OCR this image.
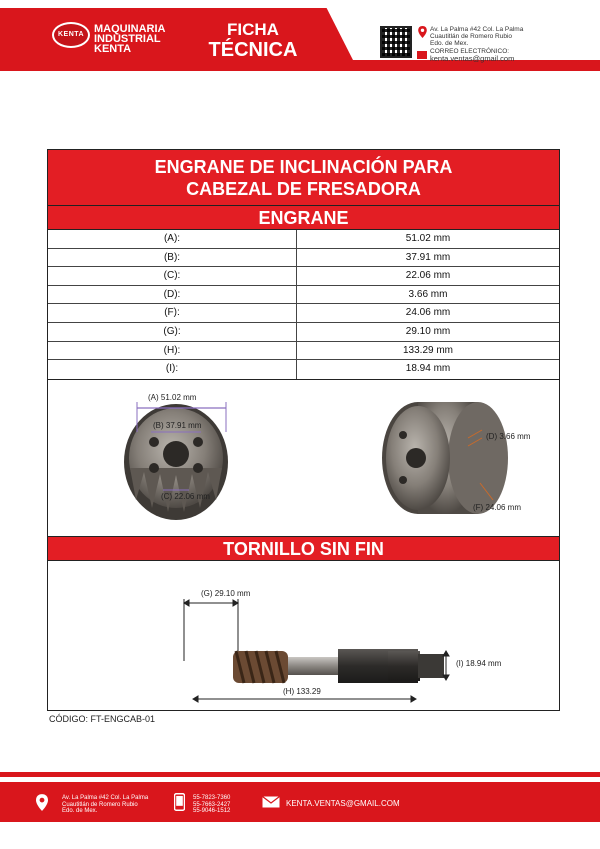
KENTA MAQUINARIA
INDUSTRIAL
KENTA
FICHA
TÉCNICA
Av. La Palma #42 Col. La Palma
Cuautitlán de Romero Rubio
Edo. de Mex.
CORREO ELECTRÓNICO:
kenta.ventas@gmail.com
ENGRANE DE INCLINACIÓN PARA
CABEZAL DE FRESADORA
ENGRANE
(A):	51.02 mm
(B):	37.91 mm
(C):	22.06 mm
(D):	3.66 mm
(F):	24.06 mm
(G):	29.10 mm
(H):	133.29 mm
(I):	18.94 mm
(A) 51.02 mm
(B) 37.91 mm
(C) 22.06 mm
(D) 3.66 mm
(F) 24.06 mm
TORNILLO SIN FIN
(G) 29.10 mm
(I) 18.94 mm
(H) 133.29
CÓDIGO: FT-ENGCAB-01
Av. La Palma #42 Col. La Palma
Cuautitlán de Romero Rubio
Edo. de Mex.
55-7823-7360
55-7663-2427
55-9046-1512
KENTA.VENTAS@GMAIL.COM
